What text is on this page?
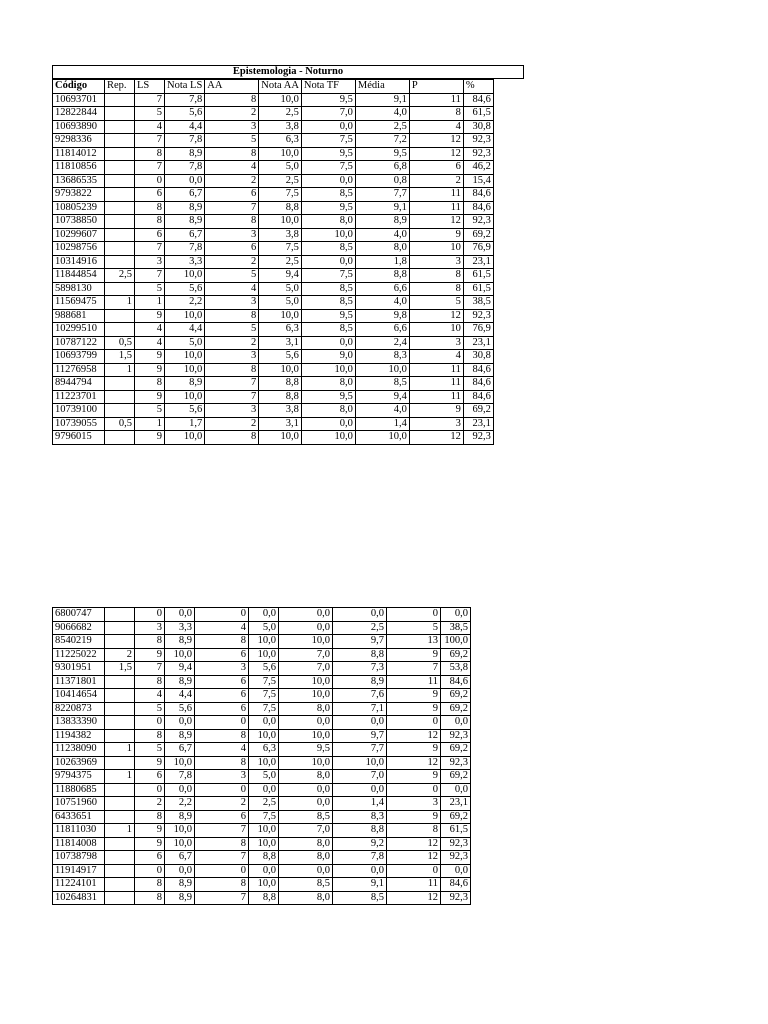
Epistemologia - Noturno
Código	Rep.	LS	Nota LS	AA	Nota AA	Nota TF	Média	P	%
10693701		7	7,8	8	10,0	9,5	9,1	11	84,6
12822844		5	5,6	2	2,5	7,0	4,0	8	61,5
10693890		4	4,4	3	3,8	0,0	2,5	4	30,8
9298336		7	7,8	5	6,3	7,5	7,2	12	92,3
11814012		8	8,9	8	10,0	9,5	9,5	12	92,3
11810856		7	7,8	4	5,0	7,5	6,8	6	46,2
13686535		0	0,0	2	2,5	0,0	0,8	2	15,4
9793822		6	6,7	6	7,5	8,5	7,7	11	84,6
10805239		8	8,9	7	8,8	9,5	9,1	11	84,6
10738850		8	8,9	8	10,0	8,0	8,9	12	92,3
10299607		6	6,7	3	3,8	10,0	4,0	9	69,2
10298756		7	7,8	6	7,5	8,5	8,0	10	76,9
10314916		3	3,3	2	2,5	0,0	1,8	3	23,1
11844854	2,5	7	10,0	5	9,4	7,5	8,8	8	61,5
5898130		5	5,6	4	5,0	8,5	6,6	8	61,5
11569475	1	1	2,2	3	5,0	8,5	4,0	5	38,5
988681		9	10,0	8	10,0	9,5	9,8	12	92,3
10299510		4	4,4	5	6,3	8,5	6,6	10	76,9
10787122	0,5	4	5,0	2	3,1	0,0	2,4	3	23,1
10693799	1,5	9	10,0	3	5,6	9,0	8,3	4	30,8
11276958	1	9	10,0	8	10,0	10,0	10,0	11	84,6
8944794		8	8,9	7	8,8	8,0	8,5	11	84,6
11223701		9	10,0	7	8,8	9,5	9,4	11	84,6
10739100		5	5,6	3	3,8	8,0	4,0	9	69,2
10739055	0,5	1	1,7	2	3,1	0,0	1,4	3	23,1
9796015		9	10,0	8	10,0	10,0	10,0	12	92,3
6800747		0	0,0	0	0,0	0,0	0,0	0	0,0
9066682		3	3,3	4	5,0	0,0	2,5	5	38,5
8540219		8	8,9	8	10,0	10,0	9,7	13	100,0
11225022	2	9	10,0	6	10,0	7,0	8,8	9	69,2
9301951	1,5	7	9,4	3	5,6	7,0	7,3	7	53,8
11371801		8	8,9	6	7,5	10,0	8,9	11	84,6
10414654		4	4,4	6	7,5	10,0	7,6	9	69,2
8220873		5	5,6	6	7,5	8,0	7,1	9	69,2
13833390		0	0,0	0	0,0	0,0	0,0	0	0,0
1194382		8	8,9	8	10,0	10,0	9,7	12	92,3
11238090	1	5	6,7	4	6,3	9,5	7,7	9	69,2
10263969		9	10,0	8	10,0	10,0	10,0	12	92,3
9794375	1	6	7,8	3	5,0	8,0	7,0	9	69,2
11880685		0	0,0	0	0,0	0,0	0,0	0	0,0
10751960		2	2,2	2	2,5	0,0	1,4	3	23,1
6433651		8	8,9	6	7,5	8,5	8,3	9	69,2
11811030	1	9	10,0	7	10,0	7,0	8,8	8	61,5
11814008		9	10,0	8	10,0	8,0	9,2	12	92,3
10738798		6	6,7	7	8,8	8,0	7,8	12	92,3
11914917		0	0,0	0	0,0	0,0	0,0	0	0,0
11224101		8	8,9	8	10,0	8,5	9,1	11	84,6
10264831		8	8,9	7	8,8	8,0	8,5	12	92,3
